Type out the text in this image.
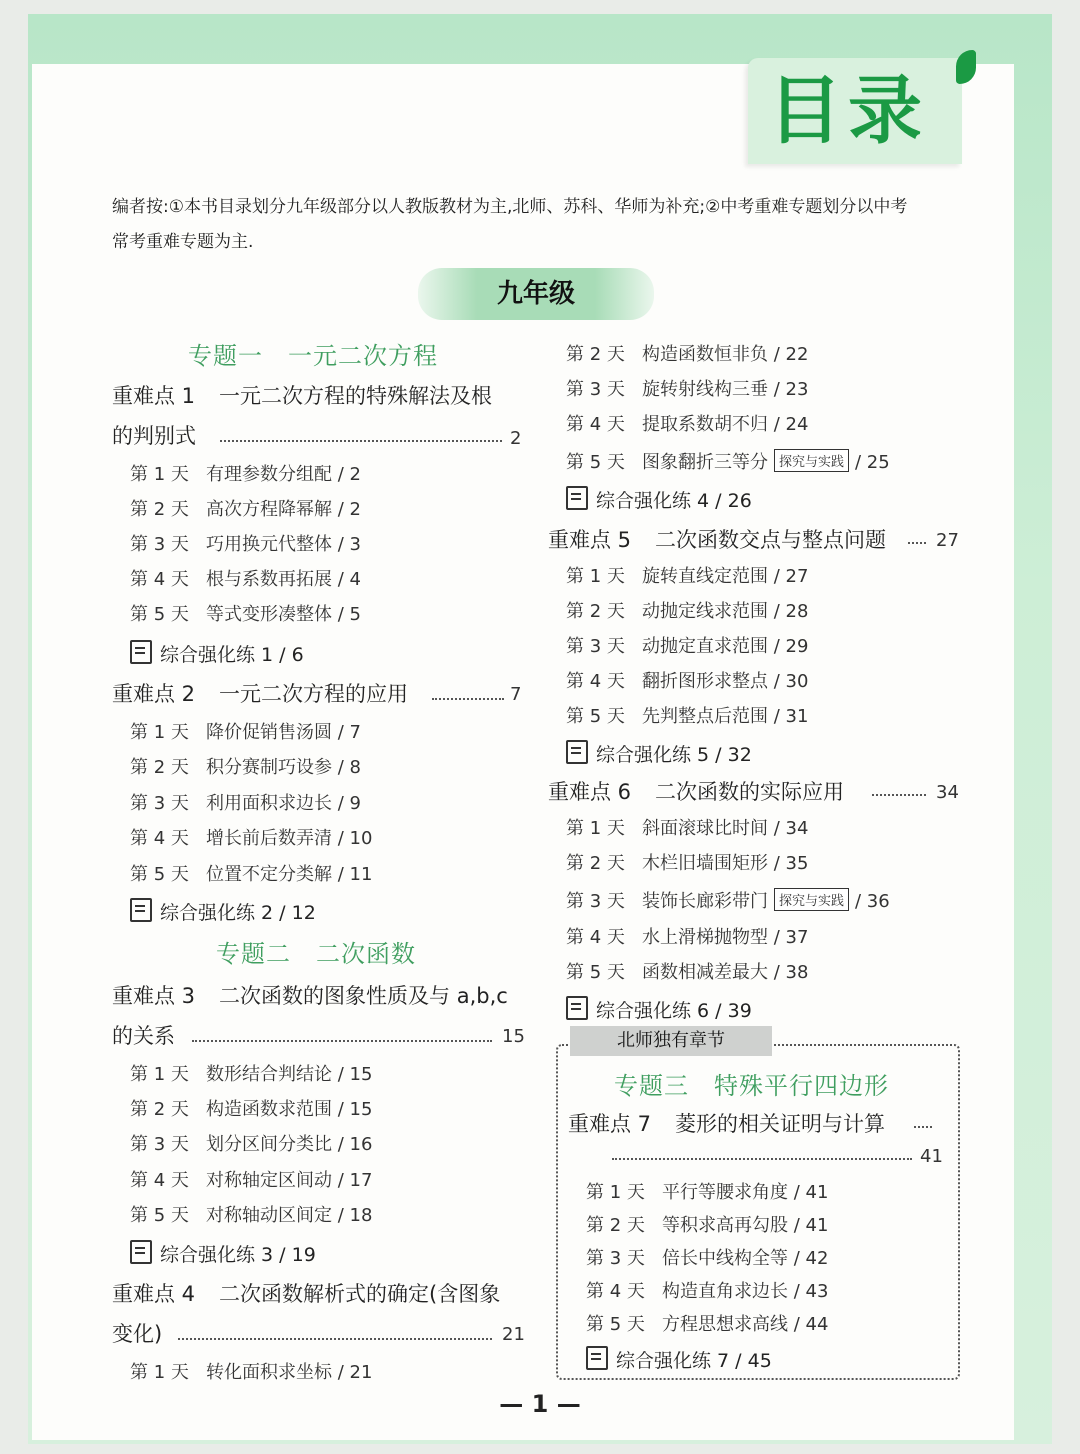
目录
编者按:①本书目录划分九年级部分以人教版教材为主,北师、苏科、华师为补充;②中考重难专题划分以中考
常考重难专题为主.
九年级
专题一　一元二次方程
重难点 1 一元二次方程的特殊解法及根
的判别式	2
第 1 天 有理参数分组配 / 2
第 2 天 高次方程降幂解 / 2
第 3 天 巧用换元代整体 / 3
第 4 天 根与系数再拓展 / 4
第 5 天 等式变形凑整体 / 5
综合强化练 1 / 6
重难点 2 一元二次方程的应用	7
第 1 天 降价促销售汤圆 / 7
第 2 天 积分赛制巧设参 / 8
第 3 天 利用面积求边长 / 9
第 4 天 增长前后数弄清 / 10
第 5 天 位置不定分类解 / 11
综合强化练 2 / 12
专题二　二次函数
重难点 3 二次函数的图象性质及与 a,b,c
的关系	15
第 1 天 数形结合判结论 / 15
第 2 天 构造函数求范围 / 15
第 3 天 划分区间分类比 / 16
第 4 天 对称轴定区间动 / 17
第 5 天 对称轴动区间定 / 18
综合强化练 3 / 19
重难点 4 二次函数解析式的确定(含图象
变化)	21
第 1 天 转化面积求坐标 / 21
第 2 天 构造函数恒非负 / 22
第 3 天 旋转射线构三垂 / 23
第 4 天 提取系数胡不归 / 24
第 5 天 图象翻折三等分 探究与实践 / 25
综合强化练 4 / 26
重难点 5 二次函数交点与整点问题	27
第 1 天 旋转直线定范围 / 27
第 2 天 动抛定线求范围 / 28
第 3 天 动抛定直求范围 / 29
第 4 天 翻折图形求整点 / 30
第 5 天 先判整点后范围 / 31
综合强化练 5 / 32
重难点 6 二次函数的实际应用	34
第 1 天 斜面滚球比时间 / 34
第 2 天 木栏旧墙围矩形 / 35
第 3 天 装饰长廊彩带门 探究与实践 / 36
第 4 天 水上滑梯抛物型 / 37
第 5 天 函数相减差最大 / 38
综合强化练 6 / 39
北师独有章节
专题三　特殊平行四边形
重难点 7 菱形的相关证明与计算
41
第 1 天 平行等腰求角度 / 41
第 2 天 等积求高再勾股 / 41
第 3 天 倍长中线构全等 / 42
第 4 天 构造直角求边长 / 43
第 5 天 方程思想求高线 / 44
综合强化练 7 / 45
— 1 —
